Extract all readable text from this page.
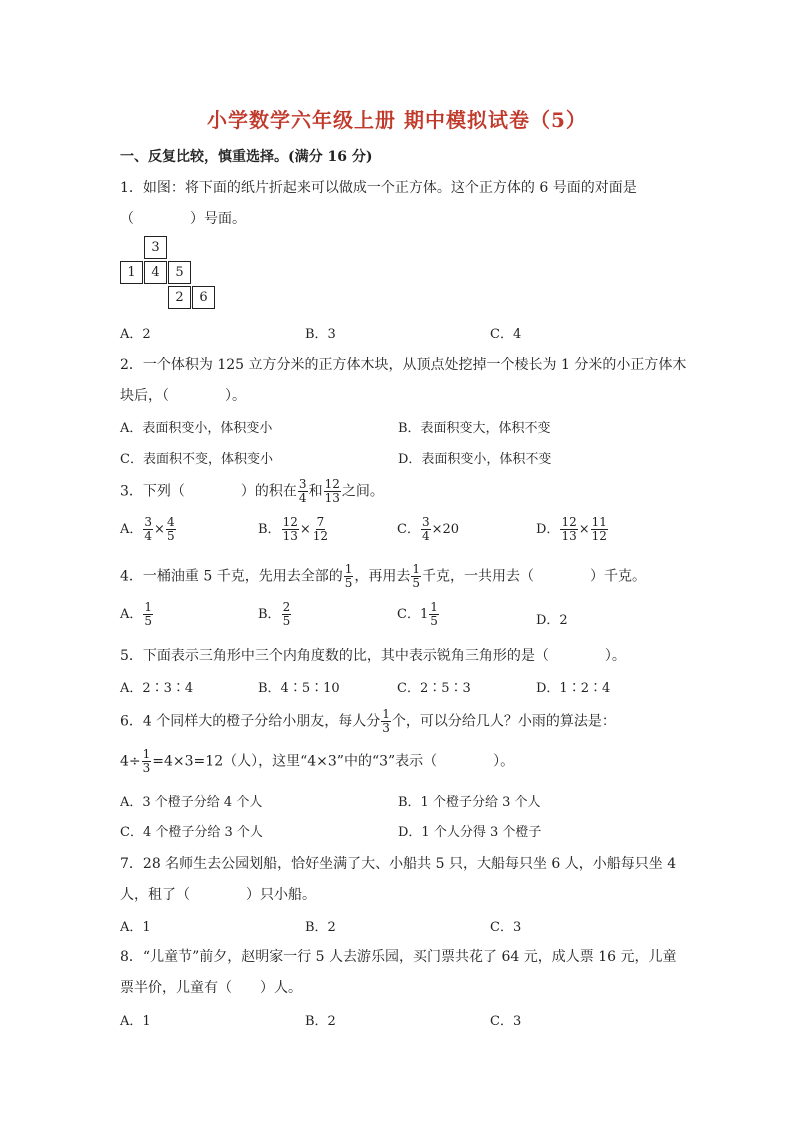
小学数学六年级上册 期中模拟试卷（5）
一、反复比较，慎重选择。(满分 16 分)
1．如图：将下面的纸片折起来可以做成一个正方体。这个正方体的 6 号面的对面是
（　　　　）号面。
3
1	4	5
2	6
A．2	B．3	C．4
2．一个体积为 125 立方分米的正方体木块，从顶点处挖掉一个棱长为 1 分米的小正方体木
块后，（　　　　）。
A．表面积变小，体积变小	B．表面积变大，体积不变
C．表面积不变，体积变小	D．表面积变小，体积不变
3．下列（　　　　）的积在 $\frac{3}{4}$ 和 $\frac{12}{13}$ 之间。
A． $\frac{3}{4} \times \frac{4}{5}$	B． $\frac{12}{13} \times \frac{7}{12}$	C． $\frac{3}{4} \times 20$	D． $\frac{12}{13} \times \frac{11}{12}$
4．一桶油重 5 千克，先用去全部的 $\frac{1}{5}$ ，再用去 $\frac{1}{5}$ 千克，一共用去（　　　　）千克。
A． $\frac{1}{5}$	B． $\frac{2}{5}$	C． $1 \frac{1}{5}$	D．2
5．下面表示三角形中三个内角度数的比，其中表示锐角三角形的是（　　　　）。
A．2∶3∶4	B．4∶5∶10	C．2∶5∶3	D．1∶2∶4
6．4 个同样大的橙子分给小朋友，每人分 $\frac{1}{3}$ 个，可以分给几人？小雨的算法是：
$4\div \frac{1}{3} =4\times 3=12$（人），这里“4×3”中的“3”表示（　　　　）。
A．3 个橙子分给 4 个人	B．1 个橙子分给 3 个人
C．4 个橙子分给 3 个人	D．1 个人分得 3 个橙子
7．28 名师生去公园划船，恰好坐满了大、小船共 5 只，大船每只坐 6 人，小船每只坐 4
人，租了（　　　　）只小船。
A．1	B．2	C．3
8．“儿童节”前夕，赵明家一行 5 人去游乐园，买门票共花了 64 元，成人票 16 元，儿童
票半价，儿童有（　　）人。
A．1	B．2	C．3
